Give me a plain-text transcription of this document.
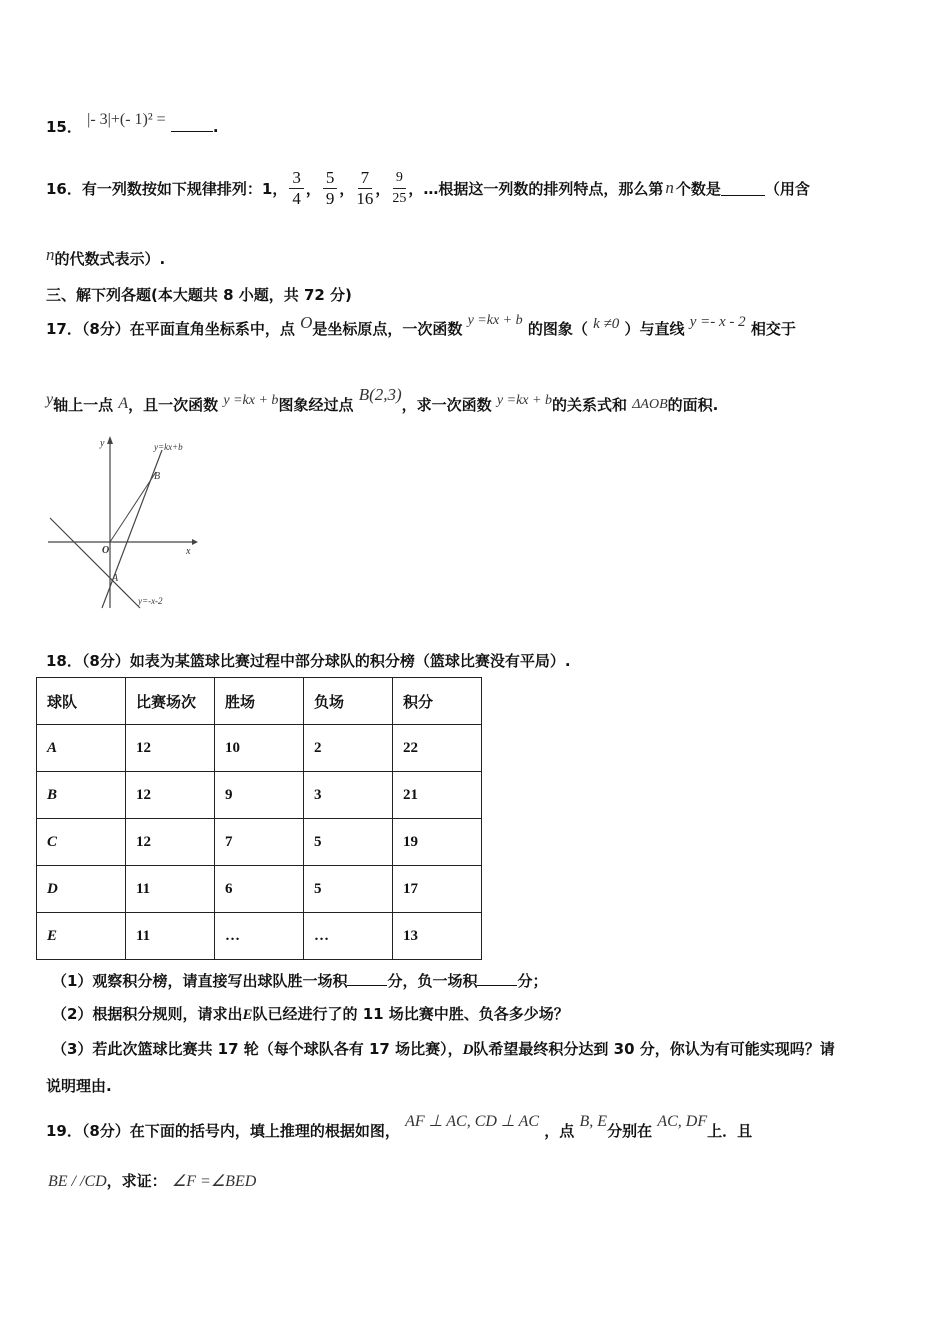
15． |- 3|+(- 1)² =	.
16． 有一列数按如下规律排列：1， $\frac{3}{4}$ ， $\frac{5}{9}$ ， $\frac{7}{16}$ ， $\frac{9}{25}$ ，…根据这一列数的排列特点，那么第 n 个数是	（用含
n的代数式表示）.
三、解下列各题(本大题共 8 小题，共 72 分)
17．（8分）在平面直角坐标系中，点 O是坐标原点，一次函数 y =kx + b 的图象（ k ≠0 ）与直线 y =- x - 2 相交于
y轴上一点 A，且一次函数 y =kx + b图象经过点 B(2,3)，求一次函数 y =kx + b的关系式和 ΔAOB的面积.
y
x
O
A
B
y=kx+b
y=-x-2
18．（8分）如表为某篮球比赛过程中部分球队的积分榜（篮球比赛没有平局）.
球队	比赛场次	胜场	负场	积分
A	12	10	2	22
B	12	9	3	21
C	12	7	5	19
D	11	6	5	17
E	11	…	…	13
（1）观察积分榜，请直接写出球队胜一场积	分，负一场积	分；
（2）根据积分规则，请求出E队已经进行了的 11 场比赛中胜、负各多少场？
（3）若此次篮球比赛共 17 轮（每个球队各有 17 场比赛），D队希望最终积分达到 30 分，你认为有可能实现吗？请
说明理由.
19．（8分）在下面的括号内，填上推理的根据如图， AF ⊥ AC, CD ⊥ AC ，点 B, E分别在 AC, DF上．且
BE / /CD，求证： ∠F =∠BED
